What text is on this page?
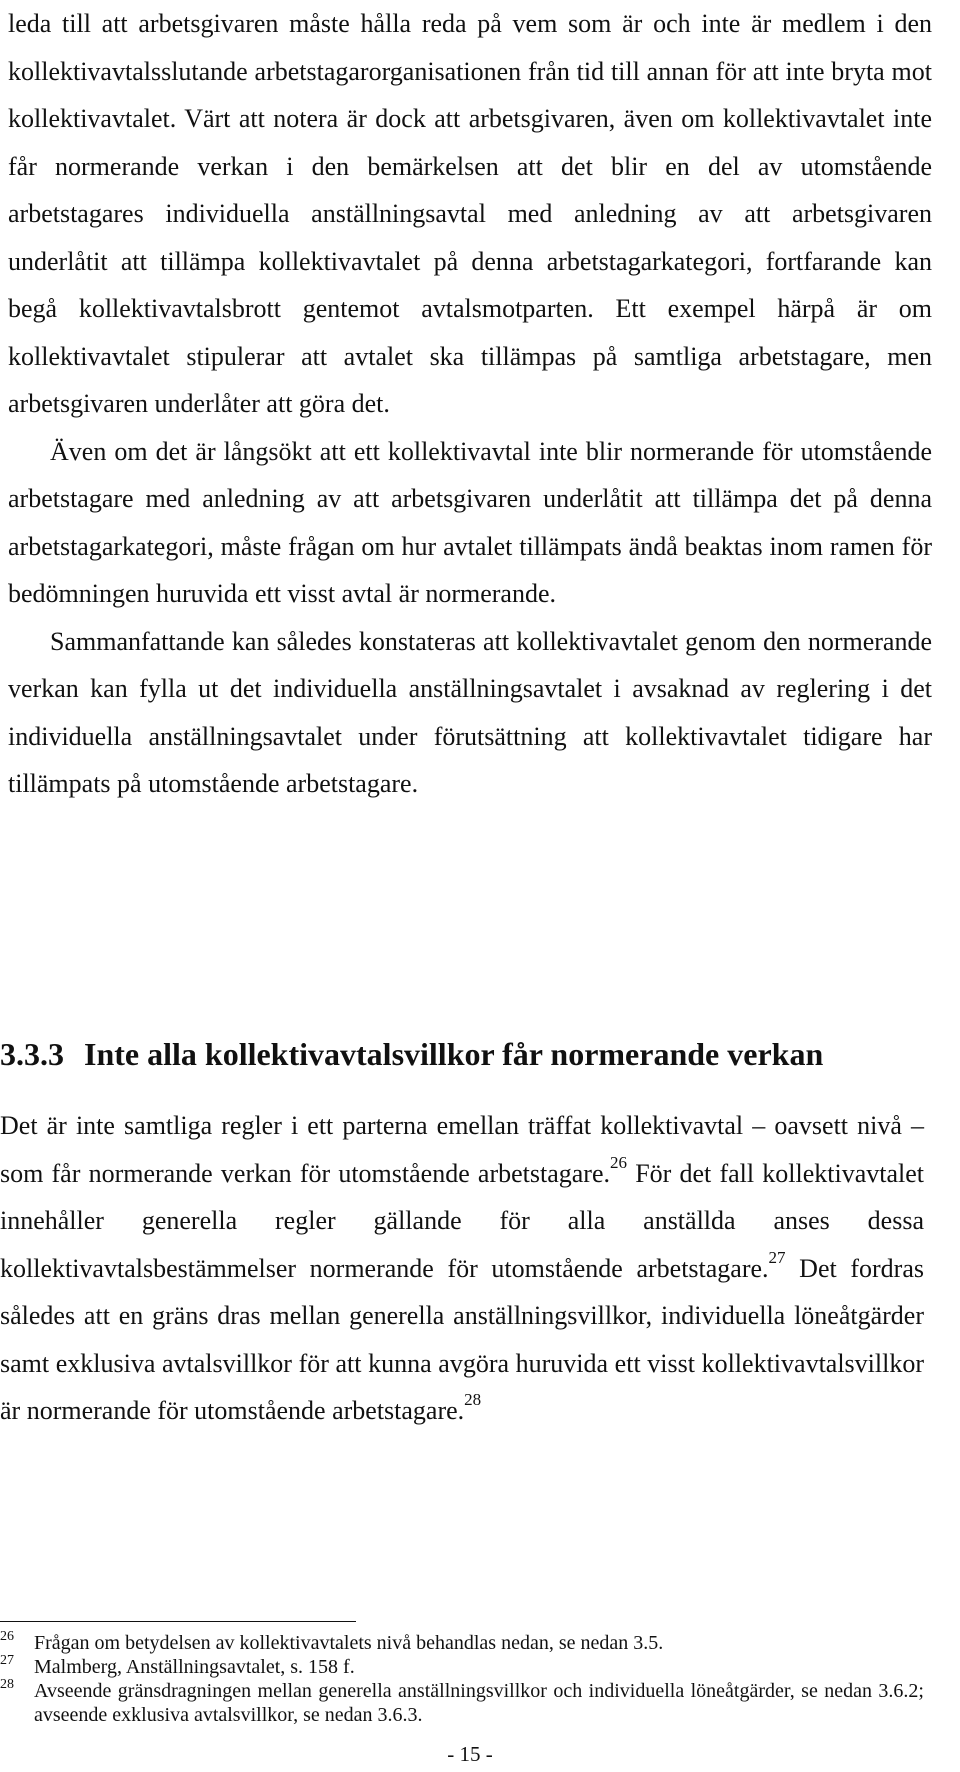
leda till att arbetsgivaren måste hålla reda på vem som är och inte är medlem i den kollektivavtalsslutande arbetstagarorganisationen från tid till annan för att inte bryta mot kollektivavtalet. Värt att notera är dock att arbetsgivaren, även om kollektivavtalet inte får normerande verkan i den bemärkelsen att det blir en del av utomstående arbetstagares individuella anställningsavtal med anledning av att arbetsgivaren underlåtit att tillämpa kollektivavtalet på denna arbetstagarkategori, fortfarande kan begå kollektivavtalsbrott gentemot avtalsmotparten. Ett exempel härpå är om kollektivavtalet stipulerar att avtalet ska tillämpas på samtliga arbetstagare, men arbetsgivaren underlåter att göra det.

Även om det är långsökt att ett kollektivavtal inte blir normerande för utomstående arbetstagare med anledning av att arbetsgivaren underlåtit att tillämpa det på denna arbetstagarkategori, måste frågan om hur avtalet tillämpats ändå beaktas inom ramen för bedömningen huruvida ett visst avtal är normerande.

Sammanfattande kan således konstateras att kollektivavtalet genom den normerande verkan kan fylla ut det individuella anställningsavtalet i avsaknad av reglering i det individuella anställningsavtalet under förutsättning att kollektivavtalet tidigare har tillämpats på utomstående arbetstagare.

3.3.3 Inte alla kollektivavtalsvillkor får normerande verkan

Det är inte samtliga regler i ett parterna emellan träffat kollektivavtal – oavsett nivå – som får normerande verkan för utomstående arbetstagare.$^{26}$ För det fall kollektivavtalet innehåller generella regler gällande för alla anställda anses dessa kollektivavtalsbestämmelser normerande för utomstående arbetstagare.$^{27}$ Det fordras således att en gräns dras mellan generella anställningsvillkor, individuella löneåtgärder samt exklusiva avtalsvillkor för att kunna avgöra huruvida ett visst kollektivavtalsvillkor är normerande för utomstående arbetstagare.$^{28}$

26 Frågan om betydelsen av kollektivavtalets nivå behandlas nedan, se nedan 3.5.
27 Malmberg, Anställningsavtalet, s. 158 f.
28 Avseende gränsdragningen mellan generella anställningsvillkor och individuella löneåtgärder, se nedan 3.6.2; avseende exklusiva avtalsvillkor, se nedan 3.6.3.
- 15 -
